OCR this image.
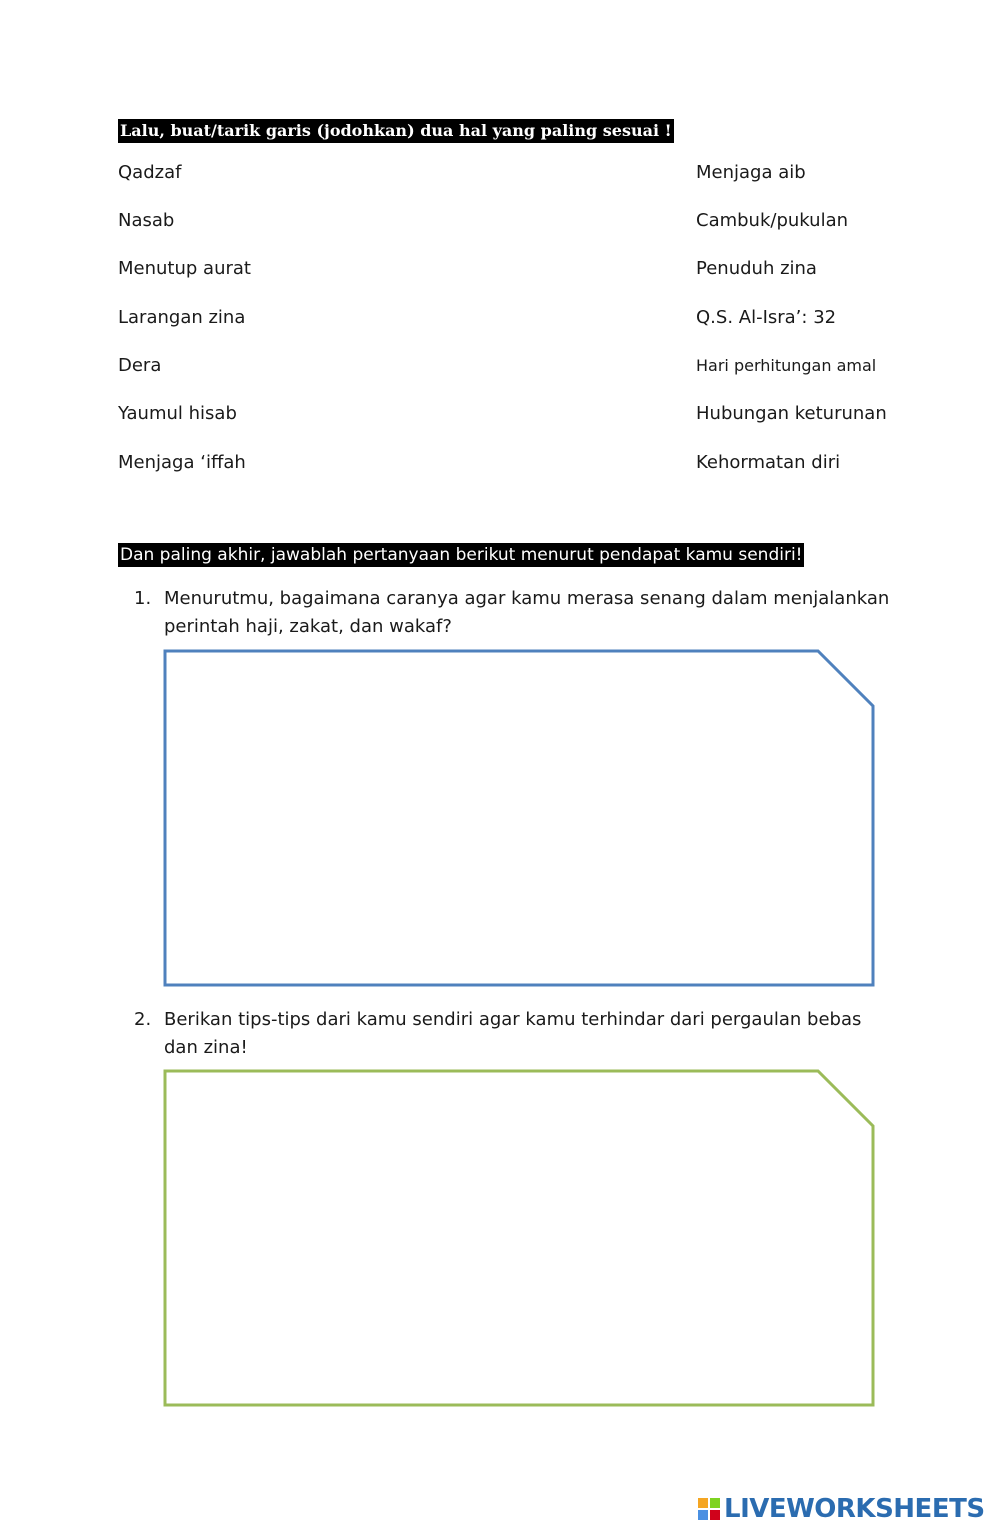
Lalu, buat/tarik garis (jodohkan) dua hal yang paling sesuai !
Qadzaf
Nasab
Menutup aurat
Larangan zina
Dera
Yaumul hisab
Menjaga ‘iffah
Menjaga aib
Cambuk/pukulan
Penuduh zina
Q.S. Al-Isra’: 32
Hari perhitungan amal
Hubungan keturunan
Kehormatan diri
Dan paling akhir, jawablah pertanyaan berikut menurut pendapat kamu sendiri!
1. Menurutmu, bagaimana caranya agar kamu merasa senang dalam menjalankan perintah haji, zakat, dan wakaf?
2. Berikan tips-tips dari kamu sendiri agar kamu terhindar dari pergaulan bebas dan zina!
LIVEWORKSHEETS
